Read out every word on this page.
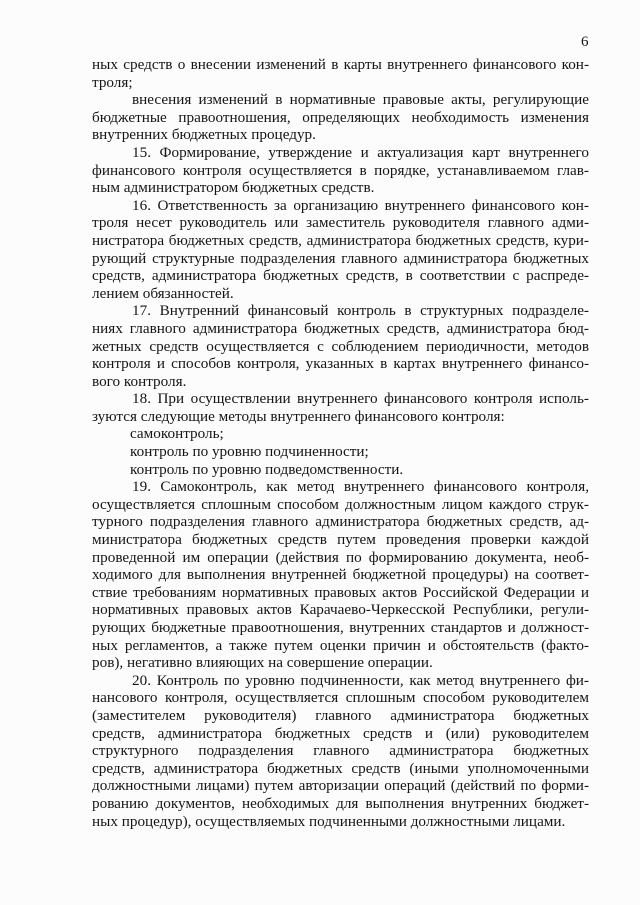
6
ных средств о внесении изменений в карты внутреннего финансового кон-
троля;
внесения изменений в нормативные правовые акты, регулирующие
бюджетные правоотношения, определяющих необходимость изменения
внутренних бюджетных процедур.
15. Формирование, утверждение и актуализация карт внутреннего
финансового контроля осуществляется в порядке, устанавливаемом глав-
ным администратором бюджетных средств.
16. Ответственность за организацию внутреннего финансового кон-
троля несет руководитель или заместитель руководителя главного адми-
нистратора бюджетных средств, администратора бюджетных средств, кури-
рующий структурные подразделения главного администратора бюджетных
средств, администратора бюджетных средств, в соответствии с распреде-
лением обязанностей.
17. Внутренний финансовый контроль в структурных подразделе-
ниях главного администратора бюджетных средств, администратора бюд-
жетных средств осуществляется с соблюдением периодичности, методов
контроля и способов контроля, указанных в картах внутреннего финансо-
вого контроля.
18. При осуществлении внутреннего финансового контроля исполь-
зуются следующие методы внутреннего финансового контроля:
самоконтроль;
контроль по уровню подчиненности;
контроль по уровню подведомственности.
19. Самоконтроль, как метод внутреннего финансового контроля,
осуществляется сплошным способом должностным лицом каждого струк-
турного подразделения главного администратора бюджетных средств, ад-
министратора бюджетных средств путем проведения проверки каждой
проведенной им операции (действия по формированию документа, необ-
ходимого для выполнения внутренней бюджетной процедуры) на соответ-
ствие требованиям нормативных правовых актов Российской Федерации и
нормативных правовых актов Карачаево-Черкесской Республики, регули-
рующих бюджетные правоотношения, внутренних стандартов и должност-
ных регламентов, а также путем оценки причин и обстоятельств (факто-
ров), негативно влияющих на совершение операции.
20. Контроль по уровню подчиненности, как метод внутреннего фи-
нансового контроля, осуществляется сплошным способом руководителем
(заместителем руководителя) главного администратора бюджетных
средств, администратора бюджетных средств и (или) руководителем
структурного подразделения главного администратора бюджетных
средств, администратора бюджетных средств (иными уполномоченными
должностными лицами) путем авторизации операций (действий по форми-
рованию документов, необходимых для выполнения внутренних бюджет-
ных процедур), осуществляемых подчиненными должностными лицами.
